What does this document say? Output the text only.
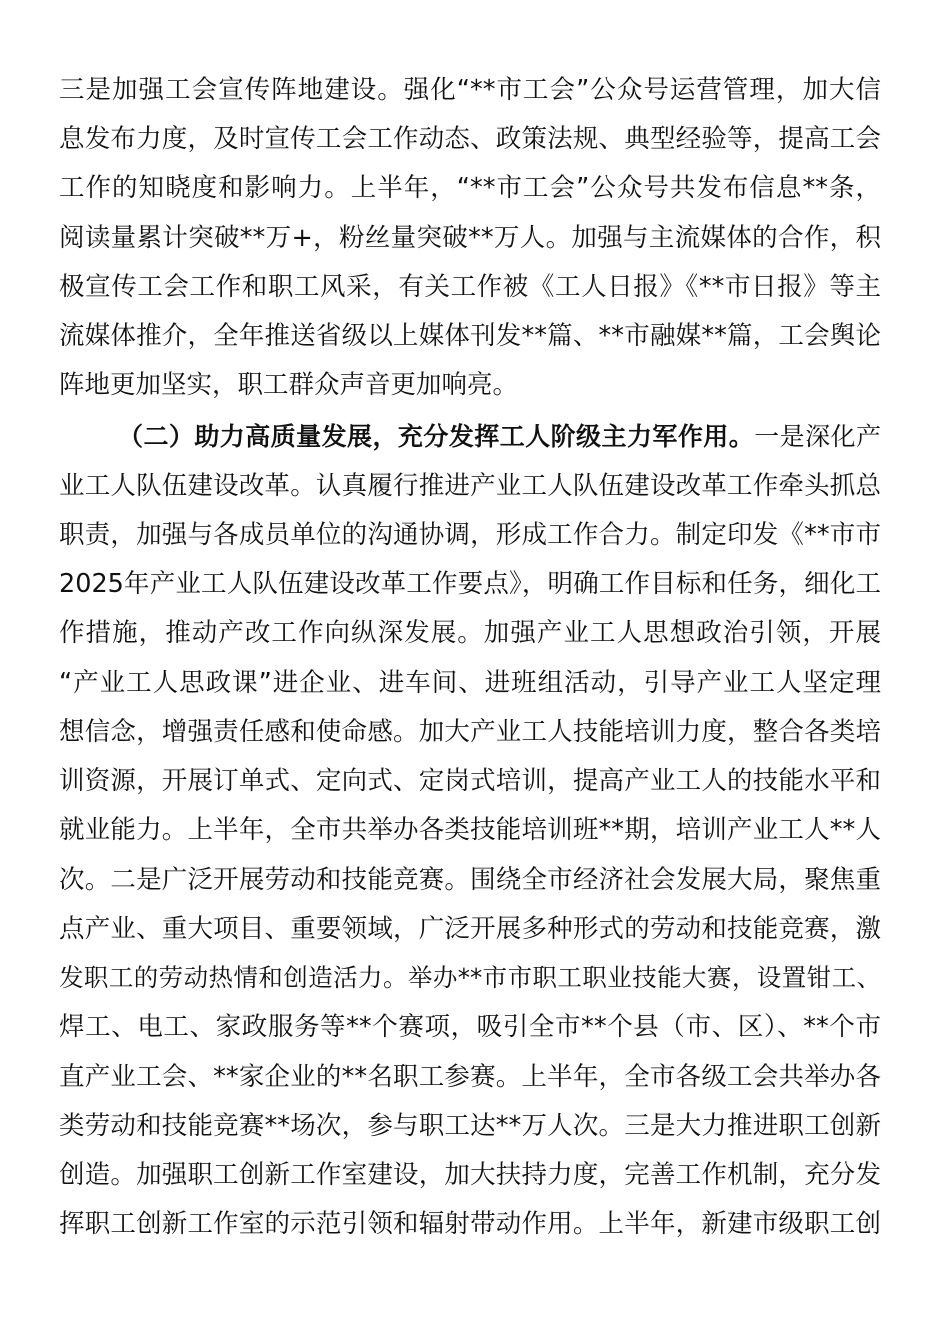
三是加强工会宣传阵地建设。强化“**市工会”公众号运营管理，加大信
息发布力度，及时宣传工会工作动态、政策法规、典型经验等，提高工会
工作的知晓度和影响力。上半年，“**市工会”公众号共发布信息**条，
阅读量累计突破**万+，粉丝量突破**万人。加强与主流媒体的合作，积
极宣传工会工作和职工风采，有关工作被《工人日报》《**市日报》等主
流媒体推介，全年推送省级以上媒体刊发**篇、**市融媒**篇，工会舆论
阵地更加坚实，职工群众声音更加响亮。
（二）助力高质量发展，充分发挥工人阶级主力军作用。一是深化产
业工人队伍建设改革。认真履行推进产业工人队伍建设改革工作牵头抓总
职责，加强与各成员单位的沟通协调，形成工作合力。制定印发《**市市
2025年产业工人队伍建设改革工作要点》，明确工作目标和任务，细化工
作措施，推动产改工作向纵深发展。加强产业工人思想政治引领，开展
“产业工人思政课”进企业、进车间、进班组活动，引导产业工人坚定理
想信念，增强责任感和使命感。加大产业工人技能培训力度，整合各类培
训资源，开展订单式、定向式、定岗式培训，提高产业工人的技能水平和
就业能力。上半年，全市共举办各类技能培训班**期，培训产业工人**人
次。二是广泛开展劳动和技能竞赛。围绕全市经济社会发展大局，聚焦重
点产业、重大项目、重要领域，广泛开展多种形式的劳动和技能竞赛，激
发职工的劳动热情和创造活力。举办**市市职工职业技能大赛，设置钳工、
焊工、电工、家政服务等**个赛项，吸引全市**个县（市、区）、**个市
直产业工会、**家企业的**名职工参赛。上半年，全市各级工会共举办各
类劳动和技能竞赛**场次，参与职工达**万人次。三是大力推进职工创新
创造。加强职工创新工作室建设，加大扶持力度，完善工作机制，充分发
挥职工创新工作室的示范引领和辐射带动作用。上半年，新建市级职工创
